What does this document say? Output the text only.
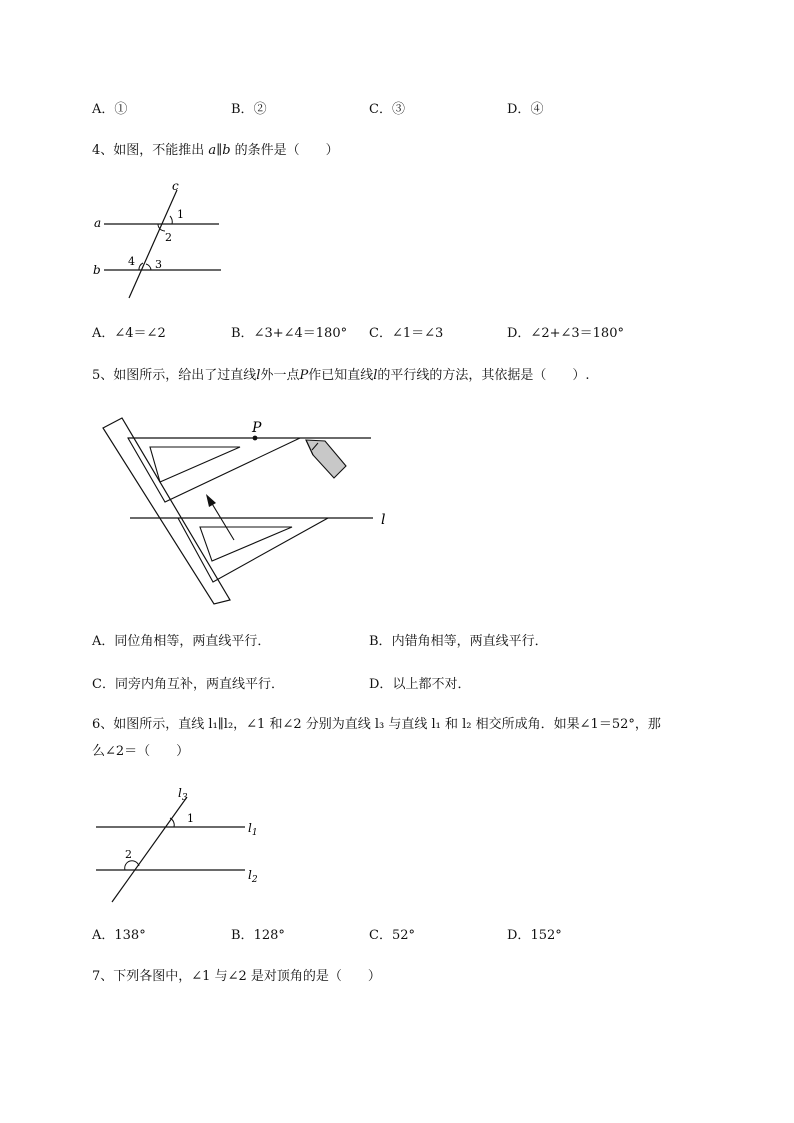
A．①	B．②	C．③	D．④
4、如图，不能推出 a∥b 的条件是（　　）
c
a
b
1
2
3
4
A．∠4＝∠2	B．∠3+∠4＝180° C．∠1＝∠3	D．∠2+∠3＝180°
5、如图所示，给出了过直线l外一点P作已知直线l的平行线的方法，其依据是（　　）.
P
l
A．同位角相等，两直线平行．	B．内错角相等，两直线平行．
C．同旁内角互补，两直线平行．	D．以上都不对．
6、如图所示，直线 l₁∥l₂，∠1 和∠2 分别为直线 l₃ 与直线 l₁ 和 l₂ 相交所成角．如果∠1＝52°，那
么∠2＝（　　）
$l_3$
$l_1$
$l_2$
1
2
A．138°	B．128°	C．52°	D．152°
7、下列各图中，∠1 与∠2 是对顶角的是（　　）
